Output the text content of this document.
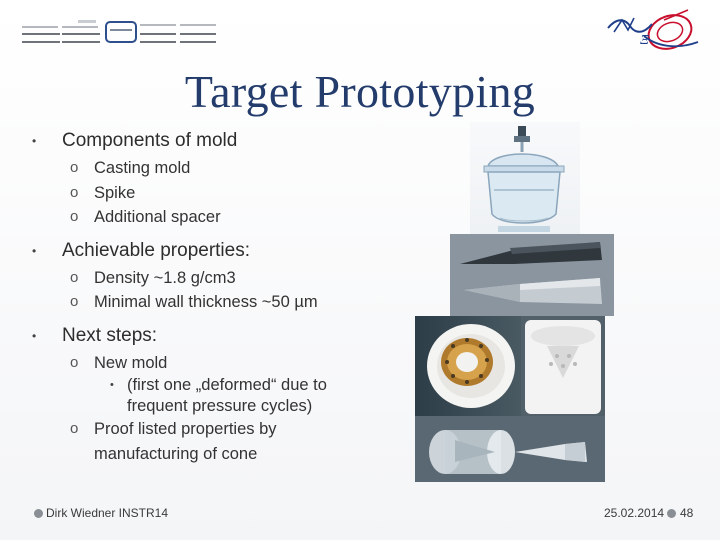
Ξ
Target Prototyping
• Components of mold
o Casting mold
o Spike
o Additional spacer
• Achievable properties:
o Density ~1.8 g/cm3
o Minimal wall thickness ~50 µm
• Next steps:
o New mold
• (first one „deformed“ due to
frequent pressure cycles)
o Proof listed properties by
manufacturing of cone
Dirk Wiedner INSTR14	25.02.2014 48
